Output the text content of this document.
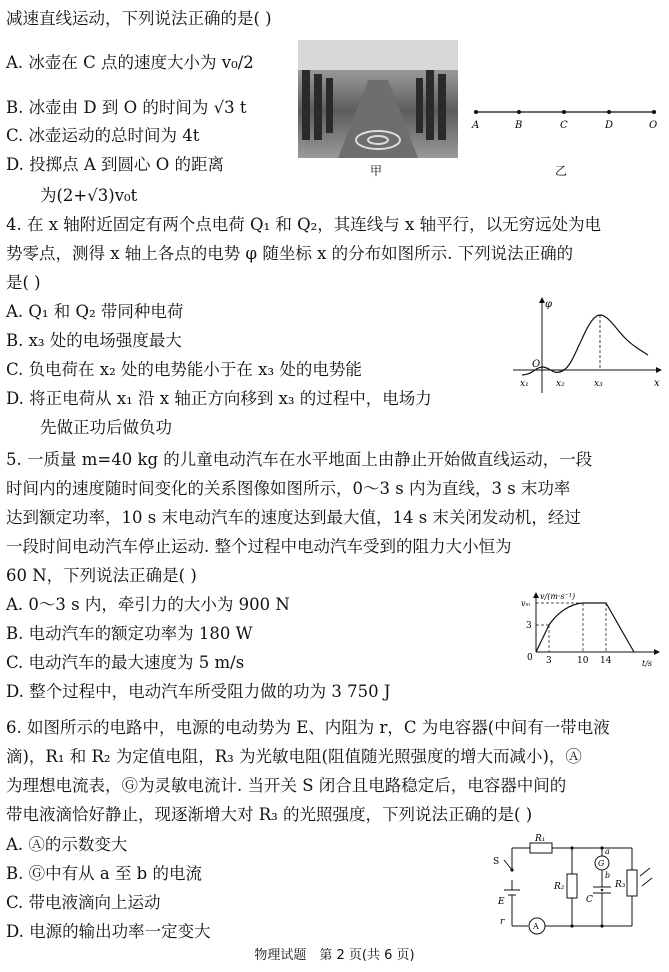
减速直线运动，下列说法正确的是( )
A. 冰壶在 C 点的速度大小为 v₀/2
B. 冰壶由 D 到 O 的时间为 √3 t
C. 冰壶运动的总时间为 4t
D. 投掷点 A 到圆心 O 的距离
为(2+√3)v₀t
甲
A	B	C	D	O
乙
4. 在 x 轴附近固定有两个点电荷 Q₁ 和 Q₂，其连线与 x 轴平行，以无穷远处为电
势零点，测得 x 轴上各点的电势 φ 随坐标 x 的分布如图所示. 下列说法正确的
是( )
A. Q₁ 和 Q₂ 带同种电荷
B. x₃ 处的电场强度最大
C. 负电荷在 x₂ 处的电势能小于在 x₃ 处的电势能
D. 将正电荷从 x₁ 沿 x 轴正方向移到 x₃ 的过程中，电场力
先做正功后做负功
φ
x
O
x₁	x₂	x₃
5. 一质量 m=40 kg 的儿童电动汽车在水平地面上由静止开始做直线运动，一段
时间内的速度随时间变化的关系图像如图所示，0～3 s 内为直线，3 s 末功率
达到额定功率，10 s 末电动汽车的速度达到最大值，14 s 末关闭发动机，经过
一段时间电动汽车停止运动. 整个过程中电动汽车受到的阻力大小恒为
60 N，下列说法正确是( )
A. 0～3 s 内，牵引力的大小为 900 N
B. 电动汽车的额定功率为 180 W
C. 电动汽车的最大速度为 5 m/s
D. 整个过程中，电动汽车所受阻力做的功为 3 750 J
v/(m·s⁻¹)
t/s
vₘ
3
0 3	10 14
6. 如图所示的电路中，电源的电动势为 E、内阻为 r，C 为电容器(中间有一带电液
滴)，R₁ 和 R₂ 为定值电阻，R₃ 为光敏电阻(阻值随光照强度的增大而减小)，Ⓐ
为理想电流表，Ⓖ为灵敏电流计. 当开关 S 闭合且电路稳定后，电容器中间的
带电液滴恰好静止，现逐渐增大对 R₃ 的光照强度，下列说法正确的是( )
A. Ⓐ的示数变大
B. Ⓖ中有从 a 至 b 的电流
C. 带电液滴向上运动
D. 电源的输出功率一定变大
S
R₁
R₂	R₃
C
G
A
E
r
a
b
物理试题　第 2 页(共 6 页)
